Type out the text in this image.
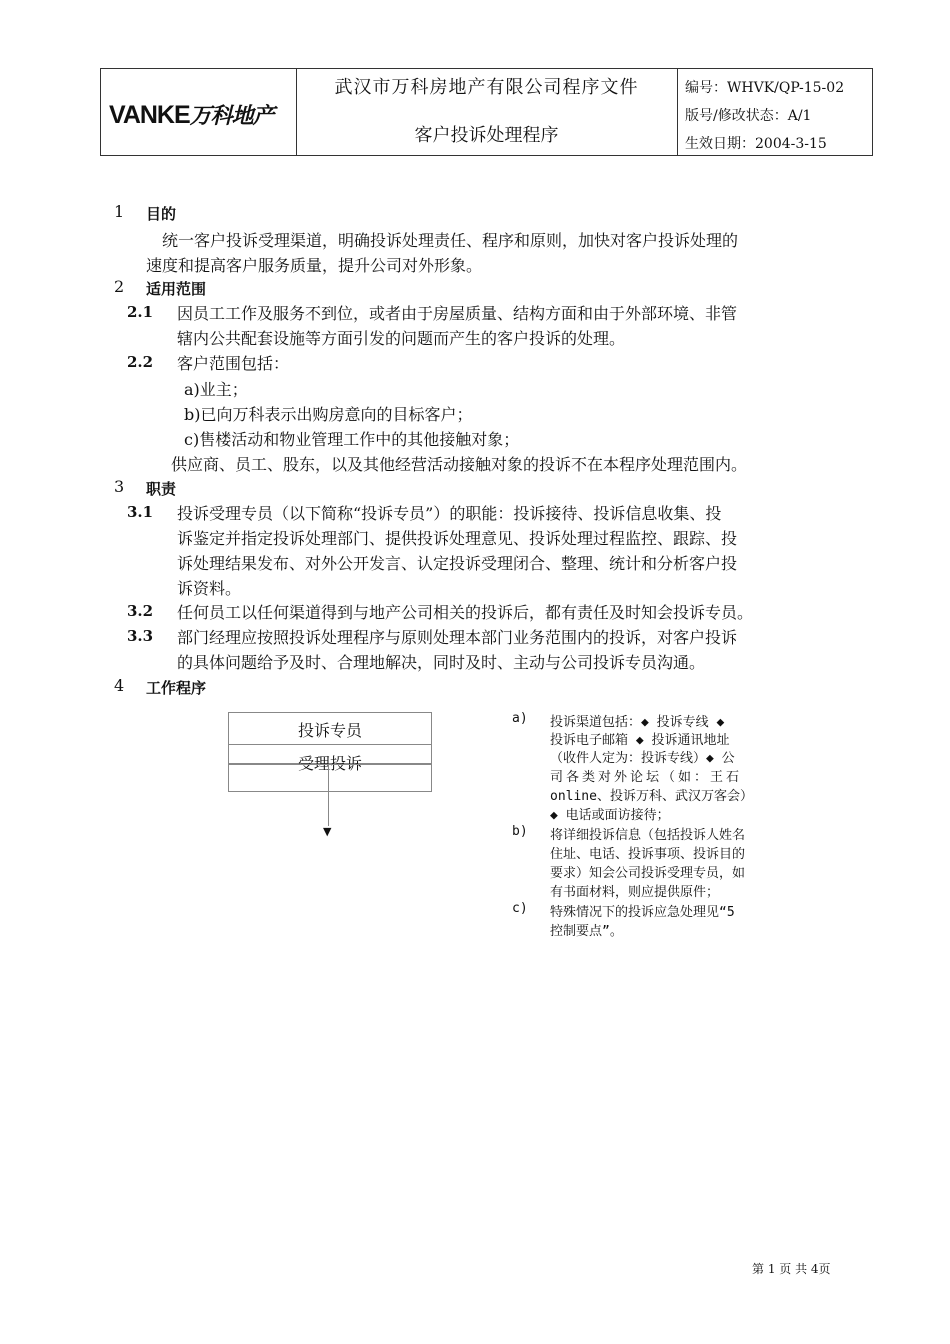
VANKE万科地产
武汉市万科房地产有限公司程序文件
客户投诉处理程序
编号：WHVK/QP-15-02
版号/修改状态：A/1
生效日期：2004-3-15
1 目的
统一客户投诉受理渠道，明确投诉处理责任、程序和原则，加快对客户投诉处理的
速度和提高客户服务质量，提升公司对外形象。
2 适用范围
2.1 因员工工作及服务不到位，或者由于房屋质量、结构方面和由于外部环境、非管
辖内公共配套设施等方面引发的问题而产生的客户投诉的处理。
2.2 客户范围包括：
a)业主；
b)已向万科表示出购房意向的目标客户；
c)售楼活动和物业管理工作中的其他接触对象；
供应商、员工、股东，以及其他经营活动接触对象的投诉不在本程序处理范围内。
3 职责
3.1 投诉受理专员（以下简称“投诉专员”）的职能：投诉接待、投诉信息收集、投
诉鉴定并指定投诉处理部门、提供投诉处理意见、投诉处理过程监控、跟踪、投
诉处理结果发布、对外公开发言、认定投诉受理闭合、整理、统计和分析客户投
诉资料。
3.2 任何员工以任何渠道得到与地产公司相关的投诉后，都有责任及时知会投诉专员。
3.3 部门经理应按照投诉处理程序与原则处理本部门业务范围内的投诉，对客户投诉
的具体问题给予及时、合理地解决，同时及时、主动与公司投诉专员沟通。
4 工作程序
投诉专员
受理投诉
▼
a) 投诉渠道包括：◆ 投诉专线 ◆
投诉电子邮箱 ◆ 投诉通讯地址
（收件人定为：投诉专线）◆ 公
司各类对外论坛（如：王石
online、投诉万科、武汉万客会）
◆ 电话或面访接待；
b) 将详细投诉信息（包括投诉人姓名
住址、电话、投诉事项、投诉目的
要求）知会公司投诉受理专员，如
有书面材料，则应提供原件；
c) 特殊情况下的投诉应急处理见“5
控制要点”。
第 1 页 共 4页
